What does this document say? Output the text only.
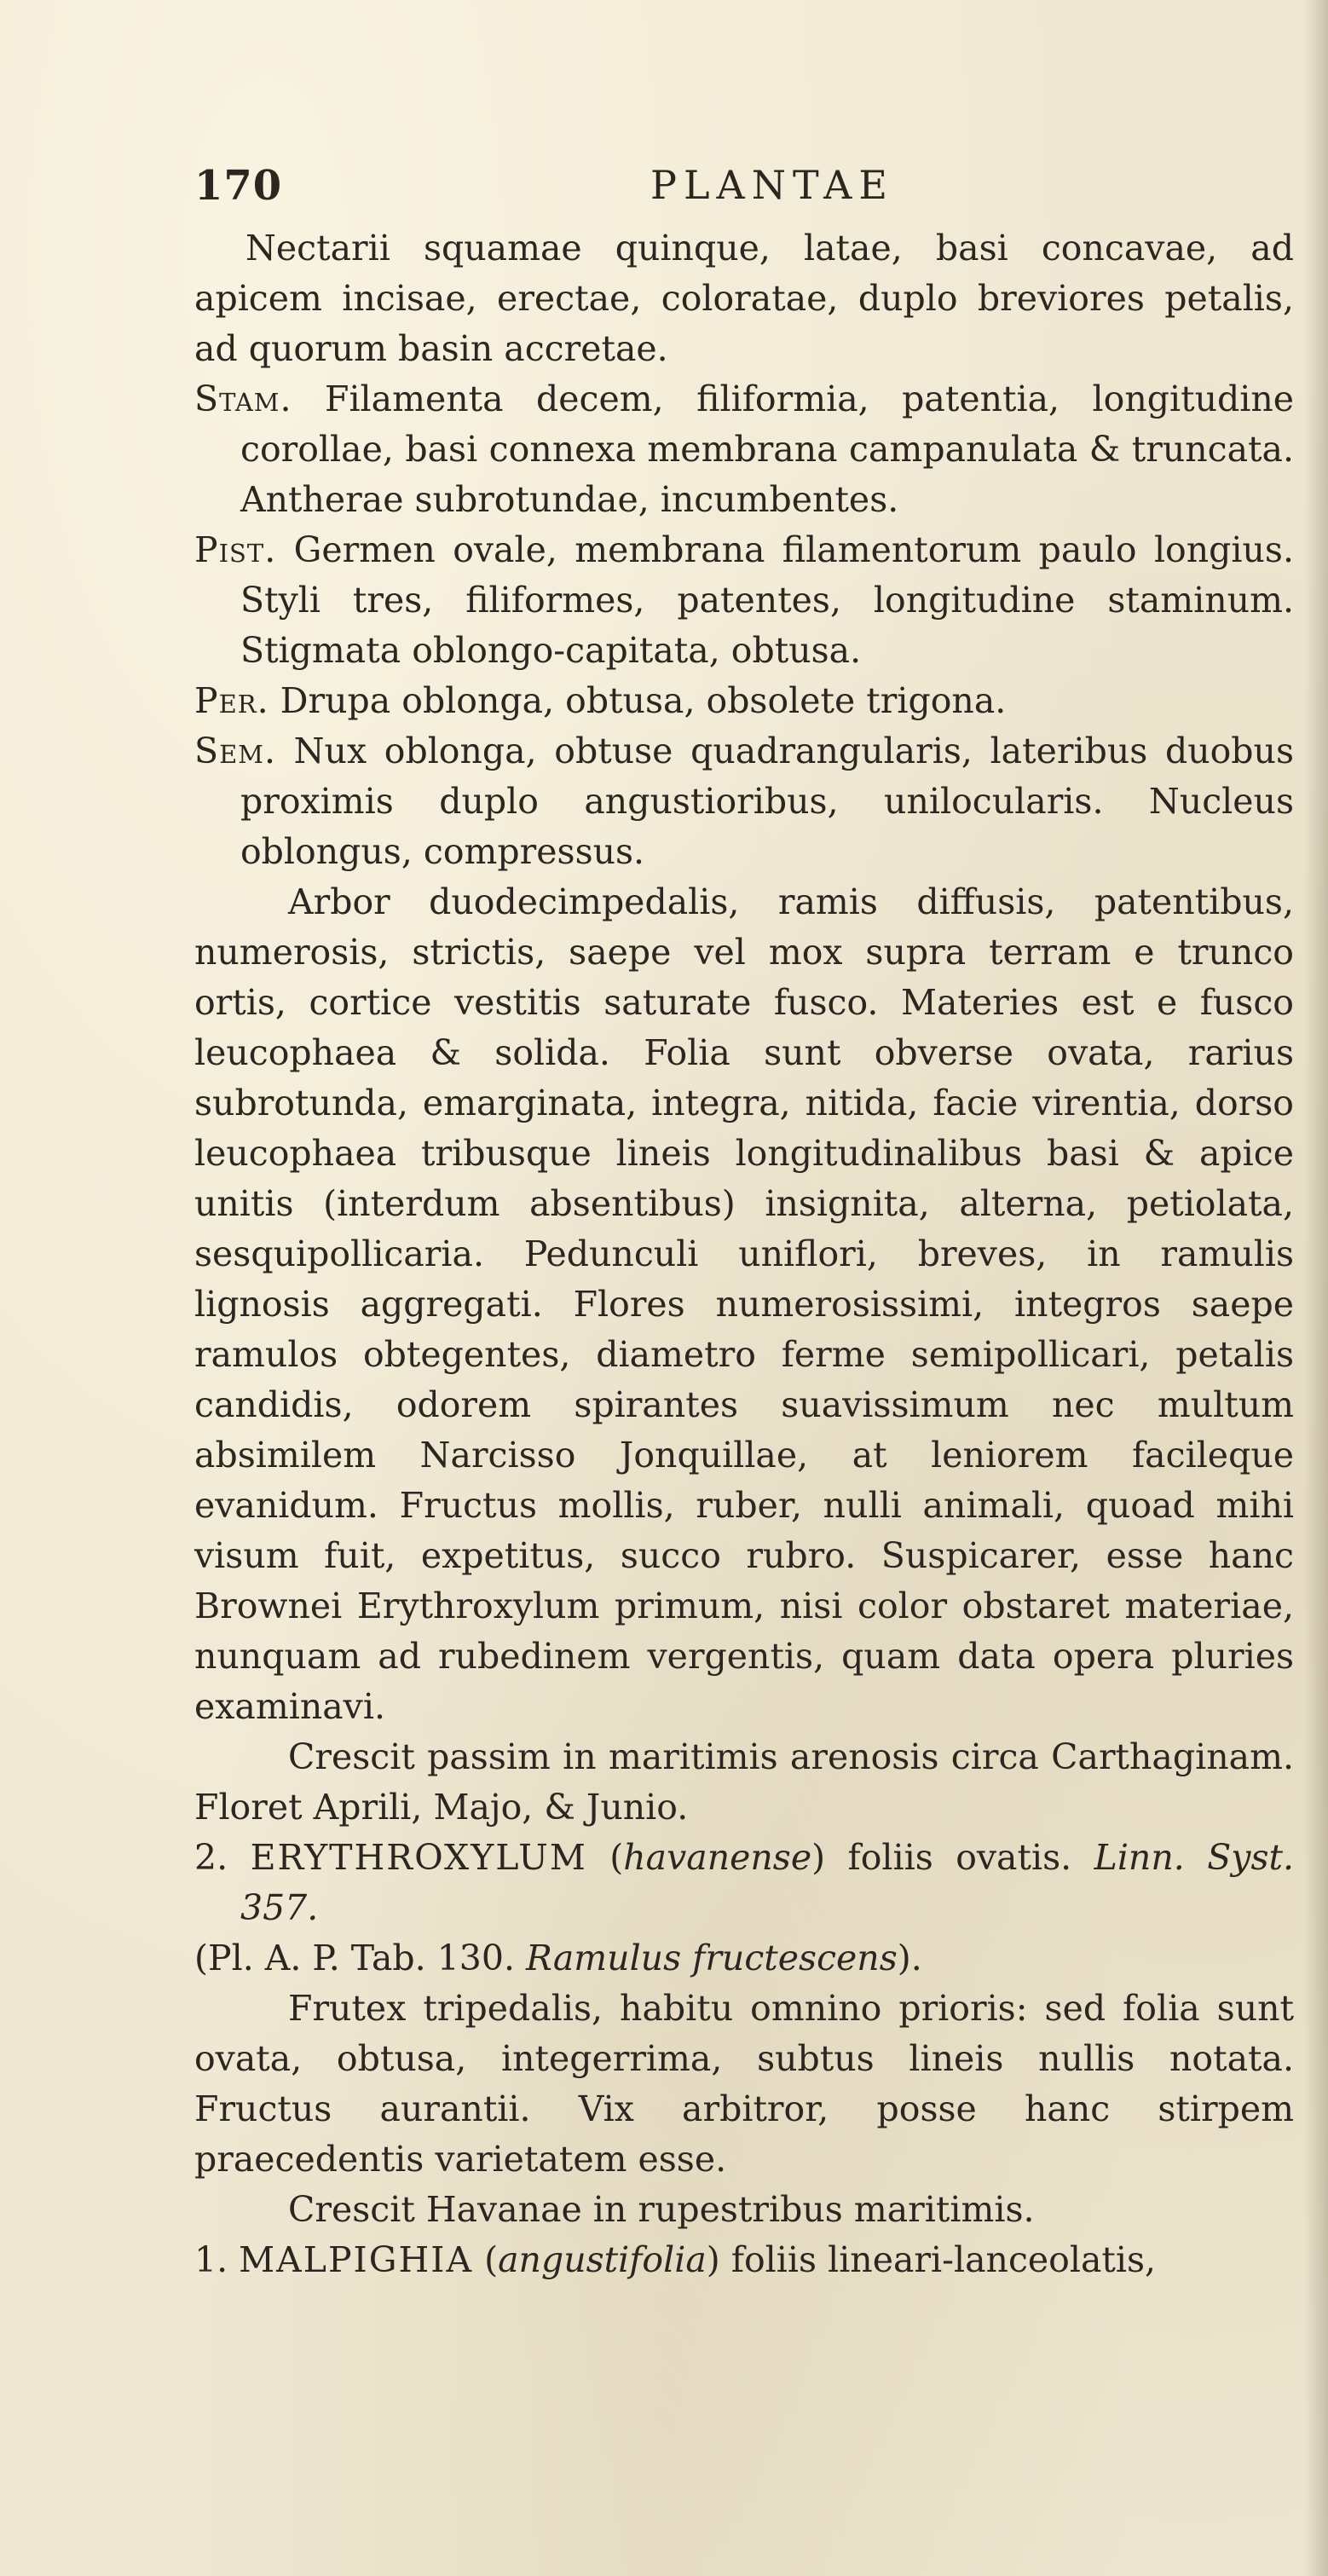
170	PLANTAE

Nectarii squamae quinque, latae, basi concavae, ad apicem incisae, erectae, coloratae, duplo breviores petalis, ad quorum basin accretae.

Stam. Filamenta decem, filiformia, patentia, longitudine corollae, basi connexa membrana campanulata & truncata. Antherae subrotundae, incumbentes.

Pist. Germen ovale, membrana filamentorum paulo longius. Styli tres, filiformes, patentes, longitudine staminum. Stigmata oblongo-capitata, obtusa.

Per. Drupa oblonga, obtusa, obsolete trigona.

Sem. Nux oblonga, obtuse quadrangularis, lateribus duobus proximis duplo angustioribus, unilocularis. Nucleus oblongus, compressus.

Arbor duodecimpedalis, ramis diffusis, patentibus, numerosis, strictis, saepe vel mox supra terram e trunco ortis, cortice vestitis saturate fusco. Materies est e fusco leucophaea & solida. Folia sunt obverse ovata, rarius subrotunda, emarginata, integra, nitida, facie virentia, dorso leucophaea tribusque lineis longitudinalibus basi & apice unitis (interdum absentibus) insignita, alterna, petiolata, sesquipollicaria. Pedunculi uniflori, breves, in ramulis lignosis aggregati. Flores numerosissimi, integros saepe ramulos obtegentes, diametro ferme semipollicari, petalis candidis, odorem spirantes suavissimum nec multum absimilem Narcisso Jonquillae, at leniorem facileque evanidum. Fructus mollis, ruber, nulli animali, quoad mihi visum fuit, expetitus, succo rubro. Suspicarer, esse hanc Brownei Erythroxylum primum, nisi color obstaret materiae, nunquam ad rubedinem vergentis, quam data opera pluries examinavi.

Crescit passim in maritimis arenosis circa Carthaginam. Floret Aprili, Majo, & Junio.

2. ERYTHROXYLUM (havanense) foliis ovatis. Linn. Syst. 357.

(Pl. A. P. Tab. 130. Ramulus fructescens).

Frutex tripedalis, habitu omnino prioris: sed folia sunt ovata, obtusa, integerrima, subtus lineis nullis notata. Fructus aurantii. Vix arbitror, posse hanc stirpem praecedentis varietatem esse.

Crescit Havanae in rupestribus maritimis.

1. MALPIGHIA (angustifolia) foliis lineari-lanceolatis,
